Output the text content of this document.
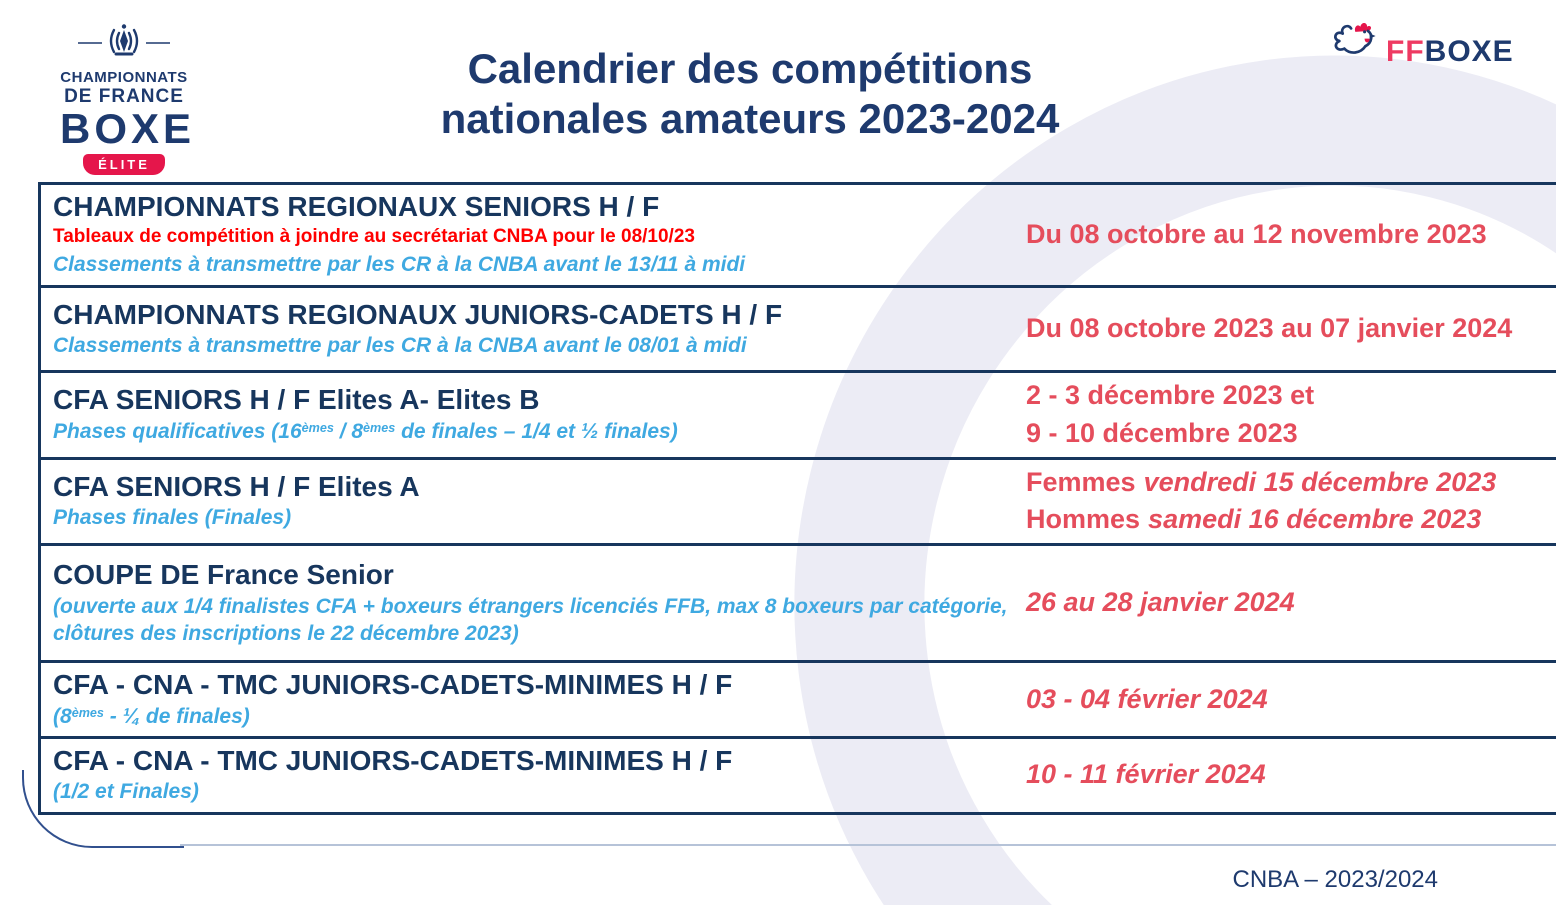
CHAMPIONNATS
DE FRANCE
BOXE
ÉLITE
Calendrier des compétitions
nationales amateurs 2023-2024
FFBOXE
CHAMPIONNATS REGIONAUX SENIORS H / F
Tableaux de compétition à joindre au secrétariat CNBA pour le 08/10/23
Classements à transmettre par les CR à la CNBA avant le 13/11 à midi
Du 08 octobre au 12 novembre 2023
CHAMPIONNATS REGIONAUX JUNIORS-CADETS H / F
Classements à transmettre par les CR à la CNBA avant le 08/01 à midi
Du 08 octobre 2023 au 07 janvier 2024
CFA SENIORS H / F Elites A- Elites B
Phases qualificatives (16èmes / 8èmes de finales – 1/4 et ½ finales)
2 - 3 décembre 2023 et
9 - 10 décembre 2023
CFA SENIORS H / F Elites A
Phases finales (Finales)
Femmes vendredi 15 décembre 2023
Hommes samedi 16 décembre 2023
COUPE DE France Senior
(ouverte aux 1/4 finalistes CFA + boxeurs étrangers licenciés FFB, max 8 boxeurs par catégorie, clôtures des inscriptions le 22 décembre 2023)
26 au 28 janvier 2024
CFA - CNA - TMC JUNIORS-CADETS-MINIMES H / F
(8èmes - ¼ de finales)
03 - 04 février 2024
CFA - CNA - TMC JUNIORS-CADETS-MINIMES H / F
(1/2 et Finales)
10 - 11 février 2024
CNBA – 2023/2024
